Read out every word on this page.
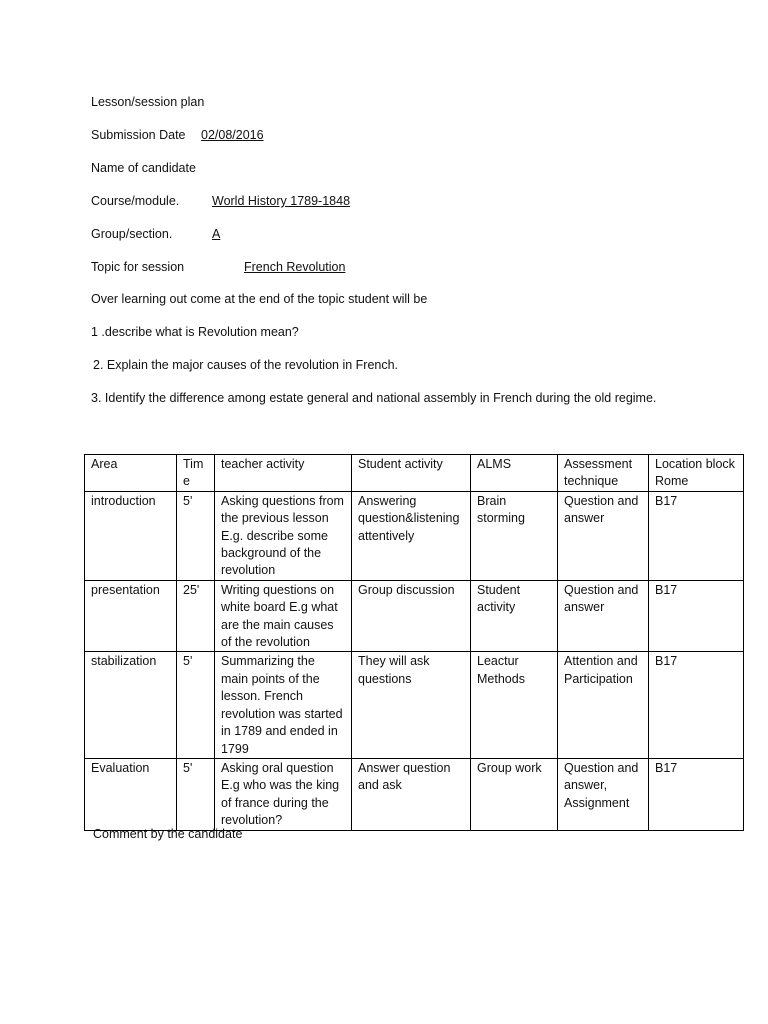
Lesson/session plan
Submission Date 02/08/2016
Name of candidate
Course/module.	World History 1789-1848
Group/section.	A
Topic for session	French Revolution
Over learning out come at the end of the topic student will be
1 .describe what is Revolution mean?
2. Explain the major causes of the revolution in French.
3. Identify the difference among estate general and national assembly in French during the old regime.
Area	Tim e	teacher activity	Student activity	ALMS	Assessment technique	Location block Rome
introduction	5'	Asking questions from the previous lesson E.g. describe some background of the revolution	Answering question&listening attentively	Brain storming	Question and answer	B17
presentation	25'	Writing questions on white board E.g what are the main causes of the revolution	Group discussion	Student activity	Question and answer	B17
stabilization	5'	Summarizing the main points of the lesson. French revolution was started in 1789 and ended in 1799	They will ask questions	Leactur Methods	Attention and Participation	B17
Evaluation	5'	Asking oral question E.g who was the king of france during the revolution?	Answer question and ask	Group work	Question and answer, Assignment	B17
Comment by the candidate
